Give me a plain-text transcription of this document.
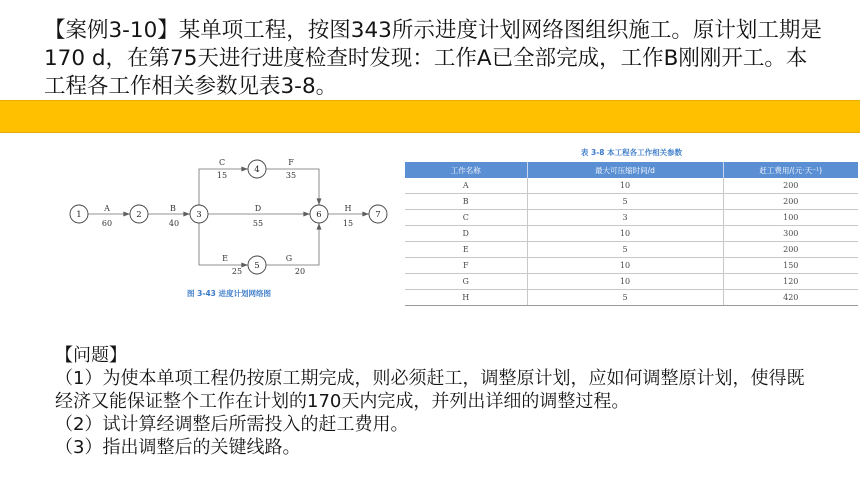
【案例3-10】某单项工程，按图343所示进度计划网络图组织施工。原计划工期是
170 d，在第75天进行进度检查时发现：工作A已全部完成，工作B刚刚开工。本
工程各工作相关参数见表3-8。
1	2	3
4
5
6	7
A
60
B
40
C
15
D
55
E
25
F
35
G
20
H
15
图 3-43 进度计划网络图
表 3-8 本工程各工作相关参数
工作名称	最大可压缩时间/d	赶工费用/(元·天⁻¹)
A	10	200
B	5	200
C	3	100
D	10	300
E	5	200
F	10	150
G	10	120
H	5	420
【问题】
（1）为使本单项工程仍按原工期完成，则必须赶工，调整原计划，应如何调整原计划，使得既
经济又能保证整个工作在计划的170天内完成，并列出详细的调整过程。
（2）试计算经调整后所需投入的赶工费用。
（3）指出调整后的关键线路。
